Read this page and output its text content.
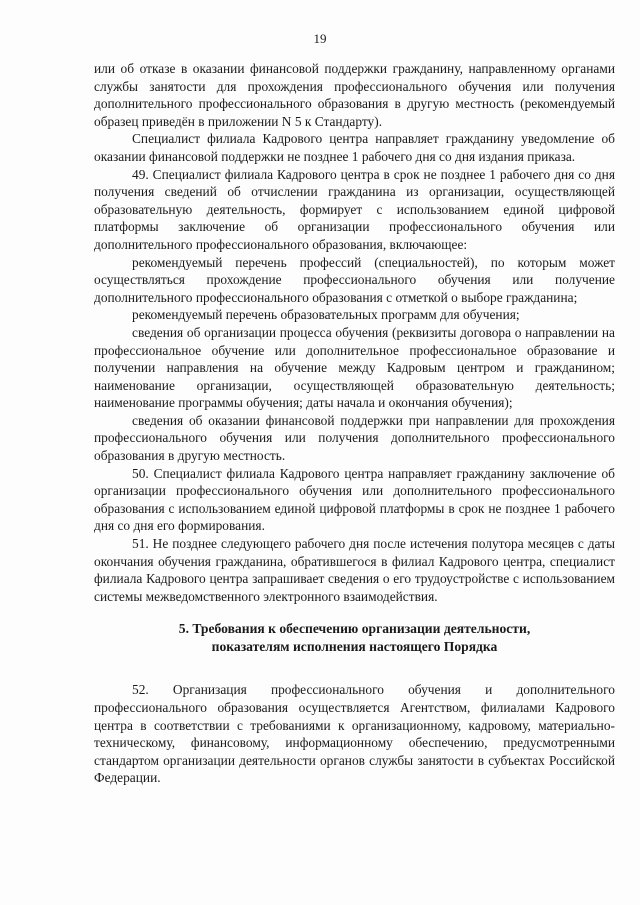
19

или об отказе в оказании финансовой поддержки гражданину, направленному органами службы занятости для прохождения профессионального обучения или получения дополнительного профессионального образования в другую местность (рекомендуемый образец приведён в приложении N 5 к Стандарту).

Специалист филиала Кадрового центра направляет гражданину уведомление об оказании финансовой поддержки не позднее 1 рабочего дня со дня издания приказа.

49. Специалист филиала Кадрового центра в срок не позднее 1 рабочего дня со дня получения сведений об отчислении гражданина из организации, осуществляющей образовательную деятельность, формирует с использованием единой цифровой платформы заключение об организации профессионального обучения или дополнительного профессионального образования, включающее:

рекомендуемый перечень профессий (специальностей), по которым может осуществляться прохождение профессионального обучения или получение дополнительного профессионального образования с отметкой о выборе гражданина;

рекомендуемый перечень образовательных программ для обучения;

сведения об организации процесса обучения (реквизиты договора о направлении на профессиональное обучение или дополнительное профессиональное образование и получении направления на обучение между Кадровым центром и гражданином; наименование организации, осуществляющей образовательную деятельность; наименование программы обучения; даты начала и окончания обучения);

сведения об оказании финансовой поддержки при направлении для прохождения профессионального обучения или получения дополнительного профессионального образования в другую местность.

50. Специалист филиала Кадрового центра направляет гражданину заключение об организации профессионального обучения или дополнительного профессионального образования с использованием единой цифровой платформы в срок не позднее 1 рабочего дня со дня его формирования.

51. Не позднее следующего рабочего дня после истечения полутора месяцев с даты окончания обучения гражданина, обратившегося в филиал Кадрового центра, специалист филиала Кадрового центра запрашивает сведения о его трудоустройстве с использованием системы межведомственного электронного взаимодействия.

5. Требования к обеспечению организации деятельности,
показателям исполнения настоящего Порядка

52. Организация профессионального обучения и дополнительного профессионального образования осуществляется Агентством, филиалами Кадрового центра в соответствии с требованиями к организационному, кадровому, материально-техническому, финансовому, информационному обеспечению, предусмотренными стандартом организации деятельности органов службы занятости в субъектах Российской Федерации.
